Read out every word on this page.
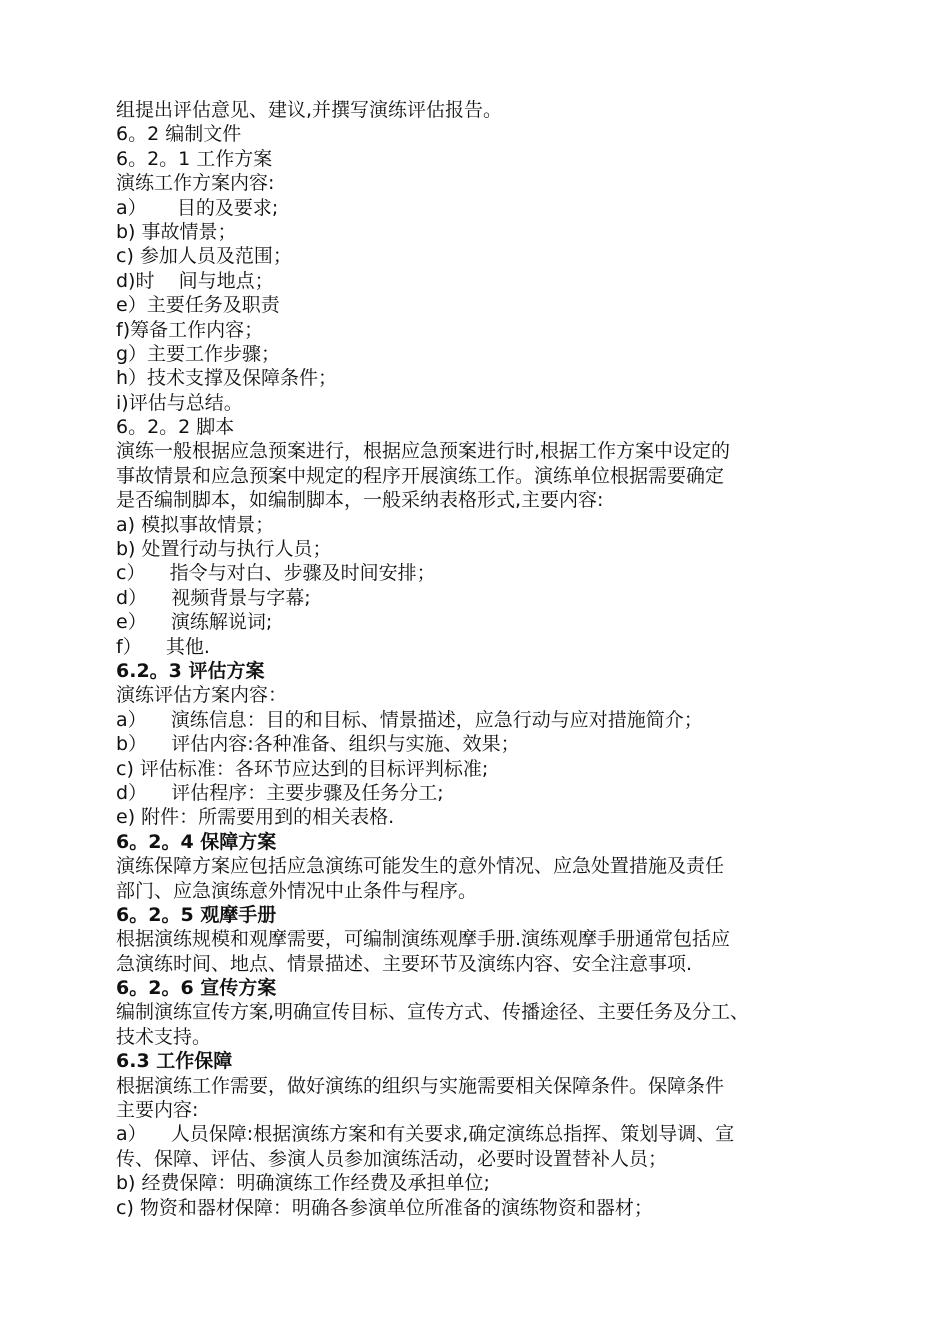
组提出评估意见、建议,并撰写演练评估报告。
6。2 编制文件
6。2。1 工作方案
演练工作方案内容:
a）     目的及要求;
b) 事故情景；
c) 参加人员及范围；
d)时    间与地点；
e）主要任务及职责
f)筹备工作内容；
g）主要工作步骤；
h）技术支撑及保障条件；
i)评估与总结。
6。2。2 脚本
演练一般根据应急预案进行，根据应急预案进行时,根据工作方案中设定的
事故情景和应急预案中规定的程序开展演练工作。演练单位根据需要确定
是否编制脚本，如编制脚本，一般采纳表格形式,主要内容:
a) 模拟事故情景；
b) 处置行动与执行人员；
c）    指令与对白、步骤及时间安排；
d）    视频背景与字幕;
e）    演练解说词;
f）    其他.
6.2。3 评估方案
演练评估方案内容：
a）    演练信息：目的和目标、情景描述，应急行动与应对措施简介；
b）    评估内容:各种准备、组织与实施、效果；
c) 评估标准：各环节应达到的目标评判标准;
d）    评估程序：主要步骤及任务分工;
e) 附件：所需要用到的相关表格.
6。2。4 保障方案
演练保障方案应包括应急演练可能发生的意外情况、应急处置措施及责任
部门、应急演练意外情况中止条件与程序。
6。2。5 观摩手册
根据演练规模和观摩需要，可编制演练观摩手册.演练观摩手册通常包括应
急演练时间、地点、情景描述、主要环节及演练内容、安全注意事项.
6。2。6 宣传方案
编制演练宣传方案,明确宣传目标、宣传方式、传播途径、主要任务及分工、
技术支持。
6.3 工作保障
根据演练工作需要，做好演练的组织与实施需要相关保障条件。保障条件
主要内容:
a）    人员保障:根据演练方案和有关要求,确定演练总指挥、策划导调、宣
传、保障、评估、参演人员参加演练活动，必要时设置替补人员；
b) 经费保障：明确演练工作经费及承担单位;
c) 物资和器材保障：明确各参演单位所准备的演练物资和器材；
